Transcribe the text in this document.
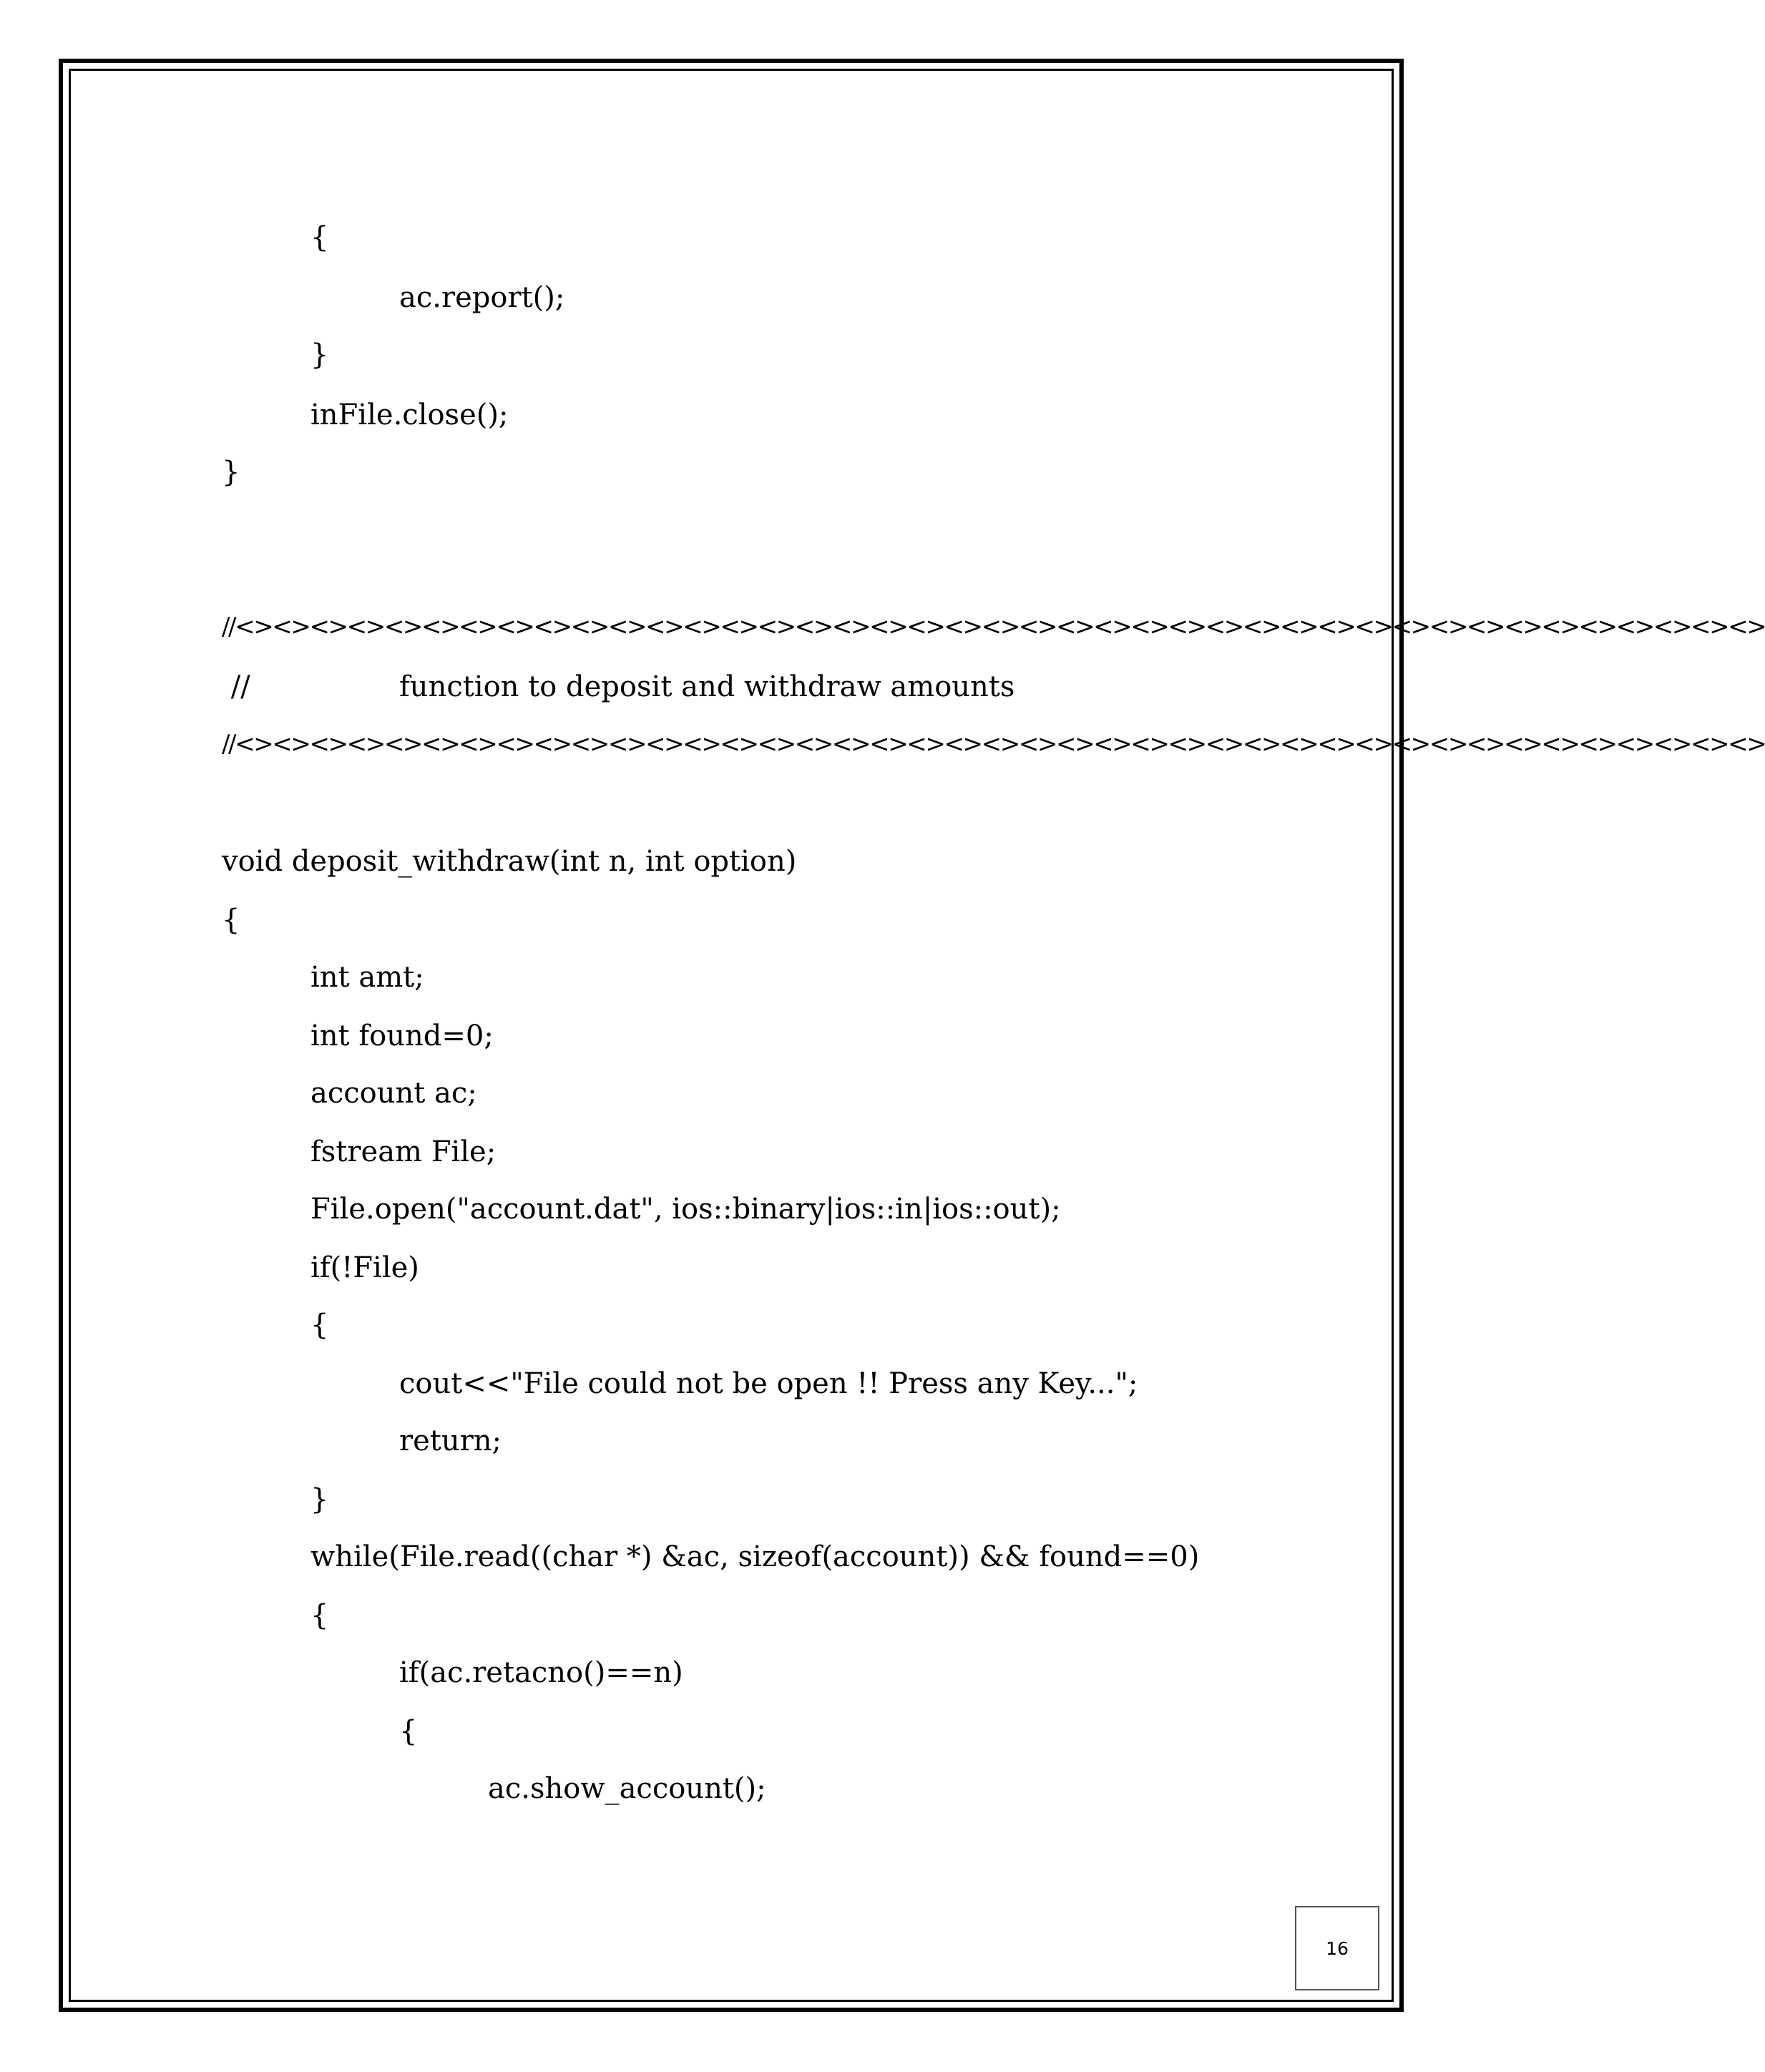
{
ac.report();
}
inFile.close();
}
//<><><><><><><><><><><><><><><><><><><><><><><><><><><><><><><><><><><><><><><><><>
//	function to deposit and withdraw amounts
//<><><><><><><><><><><><><><><><><><><><><><><><><><><><><><><><><><><><><><><><><>
void deposit_withdraw(int n, int option)
{
int amt;
int found=0;
account ac;
fstream File;
File.open("account.dat", ios::binary|ios::in|ios::out);
if(!File)
{
cout<<"File could not be open !! Press any Key...";
return;
}
while(File.read((char *) &ac, sizeof(account)) && found==0)
{
if(ac.retacno()==n)
{
ac.show_account();
16
